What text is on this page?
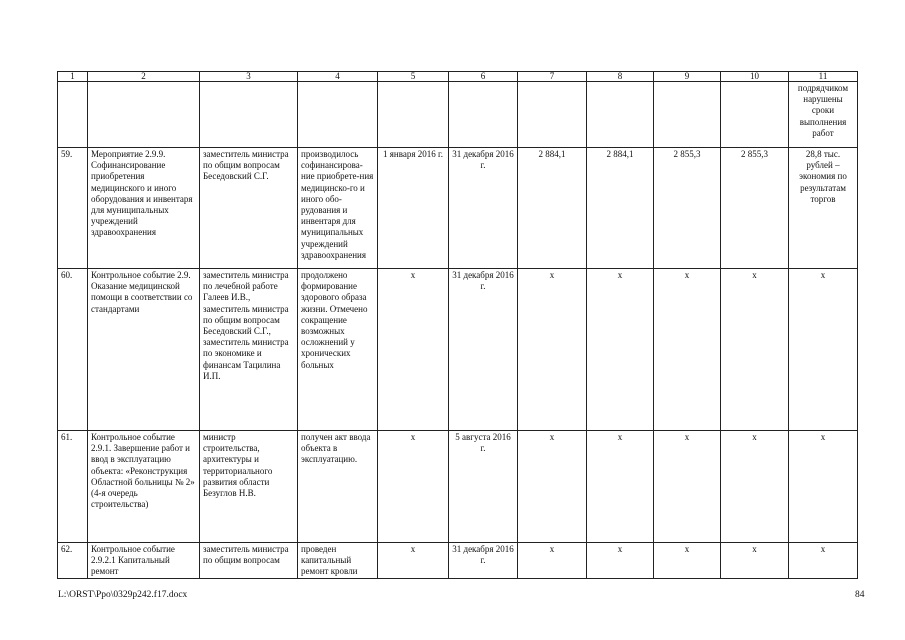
1	2	3	4	5	6	7	8	9	10	11
										подрядчиком нарушены сроки выполнения работ
59.	Мероприятие 2.9.9. Софинансирование приобретения медицинского и иного оборудования и инвентаря для муниципальных учреждений здравоохранения	заместитель министра по общим вопросам Беседовский С.Г.	производилось софинансирова-ние приобрете-ния медицинско-го и иного обо-рудования и инвентаря для муниципальных учреждений здравоохранения	1 января 2016 г.	31 декабря 2016 г.	2 884,1	2 884,1	2 855,3	2 855,3	28,8 тыс. рублей – экономия по результатам торгов
60.	Контрольное событие 2.9. Оказание медицинской помощи в соответствии со стандартами	заместитель министра по лечебной работе Галеев И.В., заместитель министра по общим вопросам Беседовский С.Г., заместитель министра по экономике и финансам Тацилина И.П.	продолжено формирование здорового образа жизни. Отмечено сокращение возможных осложнений у хронических больных	х	31 декабря 2016 г.	х	х	х	х	х
61.	Контрольное событие 2.9.1. Завершение работ и ввод в эксплуатацию объекта: «Реконструкция Областной больницы № 2» (4-я очередь строительства)	министр строительства, архитектуры и территориального развития области Безуглов Н.В.	получен акт ввода объекта в эксплуатацию.	х	5 августа 2016 г.	х	х	х	х	х
62.	Контрольное событие 2.9.2.1 Капитальный ремонт	заместитель министра по общим вопросам	проведен капитальный ремонт кровли	х	31 декабря 2016 г.	х	х	х	х	х
L:\ORST\Ppo\0329p242.f17.docx	84
